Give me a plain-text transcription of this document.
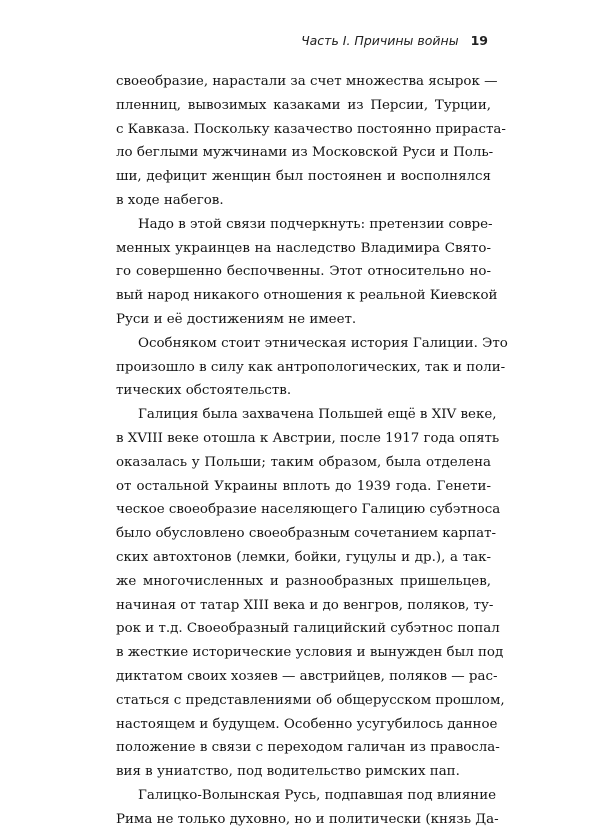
Часть I. Причины войны 19
своеобразие, нарастали за счет множества ясырок —
пленниц, вывозимых казаками из Персии, Турции,
с Кавказа. Поскольку казачество постоянно прираста-
ло беглыми мужчинами из Московской Руси и Поль-
ши, дефицит женщин был постоянен и восполнялся
в ходе набегов.
Надо в этой связи подчеркнуть: претензии совре-
менных украинцев на наследство Владимира Свято-
го совершенно беспочвенны. Этот относительно но-
вый народ никакого отношения к реальной Киевской
Руси и её достижениям не имеет.
Особняком стоит этническая история Галиции. Это
произошло в силу как антропологических, так и поли-
тических обстоятельств.
Галиция была захвачена Польшей ещё в XIV веке,
в XVIII веке отошла к Австрии, после 1917 года опять
оказалась у Польши; таким образом, была отделена
от остальной Украины вплоть до 1939 года. Генети-
ческое своеобразие населяющего Галицию субэтноса
было обусловлено своеобразным сочетанием карпат-
ских автохтонов (лемки, бойки, гуцулы и др.), а так-
же многочисленных и разнообразных пришельцев,
начиная от татар XIII века и до венгров, поляков, ту-
рок и т.д. Своеобразный галицийский субэтнос попал
в жесткие исторические условия и вынужден был под
диктатом своих хозяев — австрийцев, поляков — рас-
статься с представлениями об общерусском прошлом,
настоящем и будущем. Особенно усугубилось данное
положение в связи с переходом галичан из правосла-
вия в униатство, под водительство римских пап.
Галицко-Волынская Русь, подпавшая под влияние
Рима не только духовно, но и политически (князь Да-
